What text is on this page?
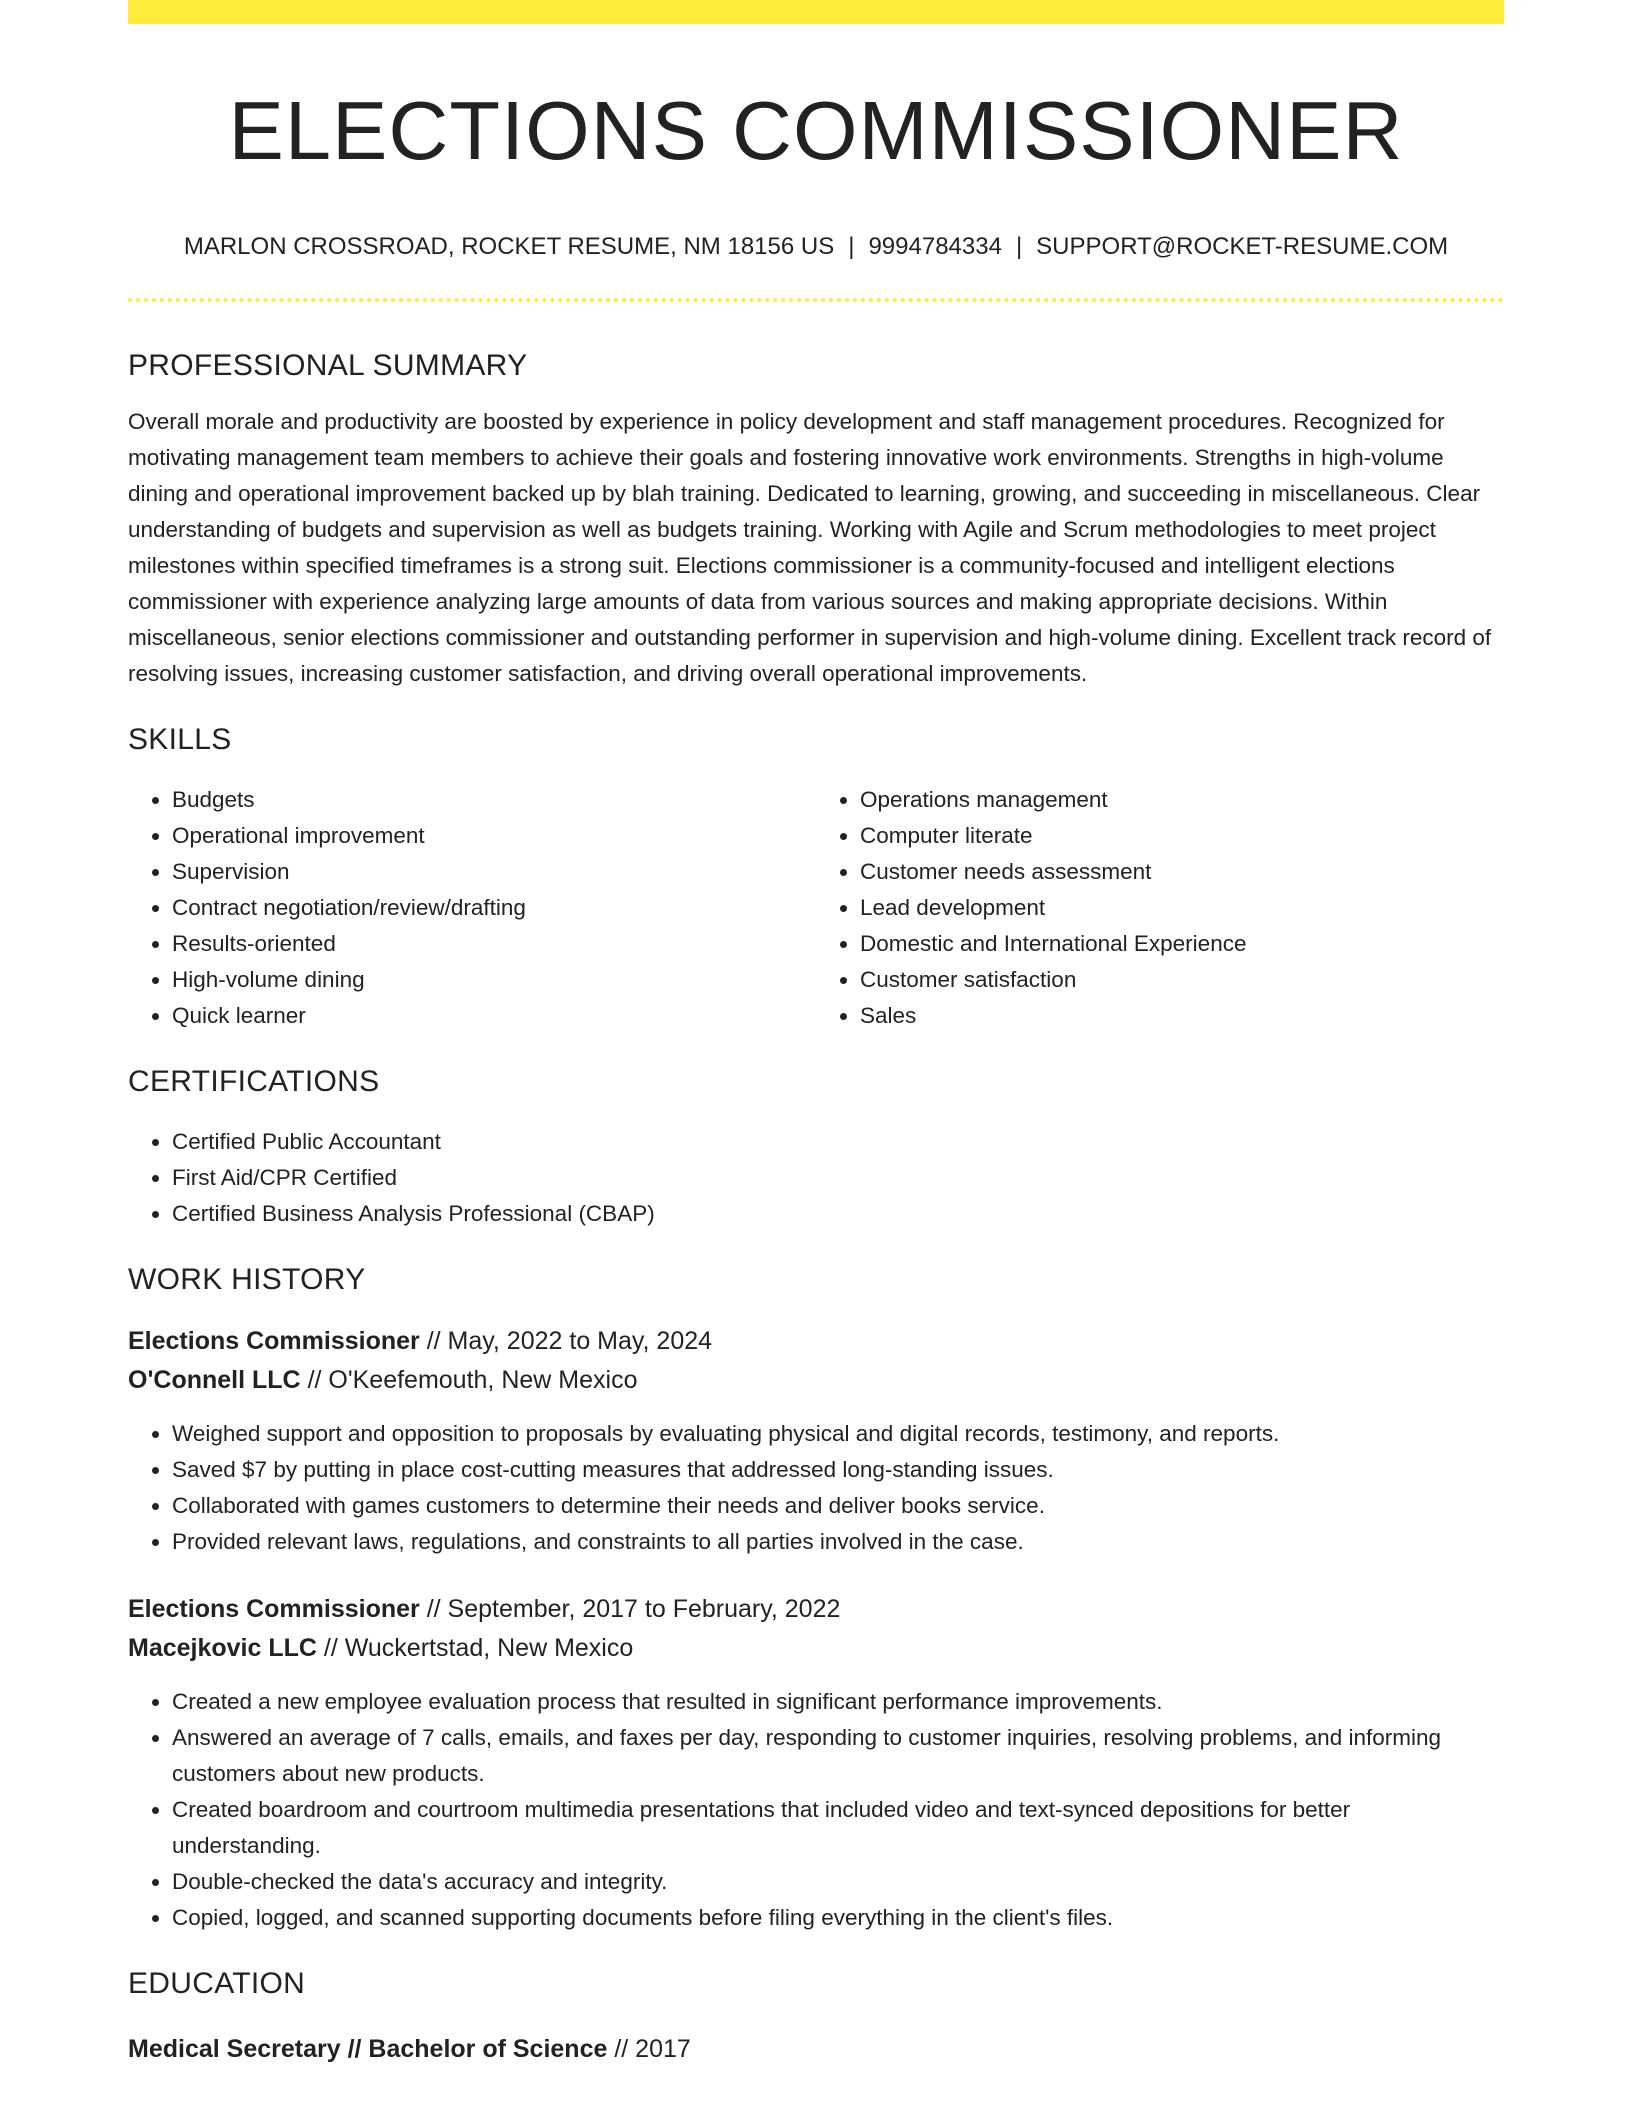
ELECTIONS COMMISSIONER
MARLON CROSSROAD, ROCKET RESUME, NM 18156 US | 9994784334 | SUPPORT@ROCKET-RESUME.COM
PROFESSIONAL SUMMARY
Overall morale and productivity are boosted by experience in policy development and staff management procedures. Recognized for motivating management team members to achieve their goals and fostering innovative work environments. Strengths in high-volume dining and operational improvement backed up by blah training. Dedicated to learning, growing, and succeeding in miscellaneous. Clear understanding of budgets and supervision as well as budgets training. Working with Agile and Scrum methodologies to meet project milestones within specified timeframes is a strong suit. Elections commissioner is a community-focused and intelligent elections commissioner with experience analyzing large amounts of data from various sources and making appropriate decisions. Within miscellaneous, senior elections commissioner and outstanding performer in supervision and high-volume dining. Excellent track record of resolving issues, increasing customer satisfaction, and driving overall operational improvements.
SKILLS
• Budgets
• Operational improvement
• Supervision
• Contract negotiation/review/drafting
• Results-oriented
• High-volume dining
• Quick learner
• Operations management
• Computer literate
• Customer needs assessment
• Lead development
• Domestic and International Experience
• Customer satisfaction
• Sales
CERTIFICATIONS
• Certified Public Accountant
• First Aid/CPR Certified
• Certified Business Analysis Professional (CBAP)
WORK HISTORY
Elections Commissioner // May, 2022 to May, 2024
O'Connell LLC // O'Keefemouth, New Mexico
• Weighed support and opposition to proposals by evaluating physical and digital records, testimony, and reports.
• Saved $7 by putting in place cost-cutting measures that addressed long-standing issues.
• Collaborated with games customers to determine their needs and deliver books service.
• Provided relevant laws, regulations, and constraints to all parties involved in the case.
Elections Commissioner // September, 2017 to February, 2022
Macejkovic LLC // Wuckertstad, New Mexico
• Created a new employee evaluation process that resulted in significant performance improvements.
• Answered an average of 7 calls, emails, and faxes per day, responding to customer inquiries, resolving problems, and informing customers about new products.
• Created boardroom and courtroom multimedia presentations that included video and text-synced depositions for better understanding.
• Double-checked the data's accuracy and integrity.
• Copied, logged, and scanned supporting documents before filing everything in the client's files.
EDUCATION
Medical Secretary // Bachelor of Science // 2017
